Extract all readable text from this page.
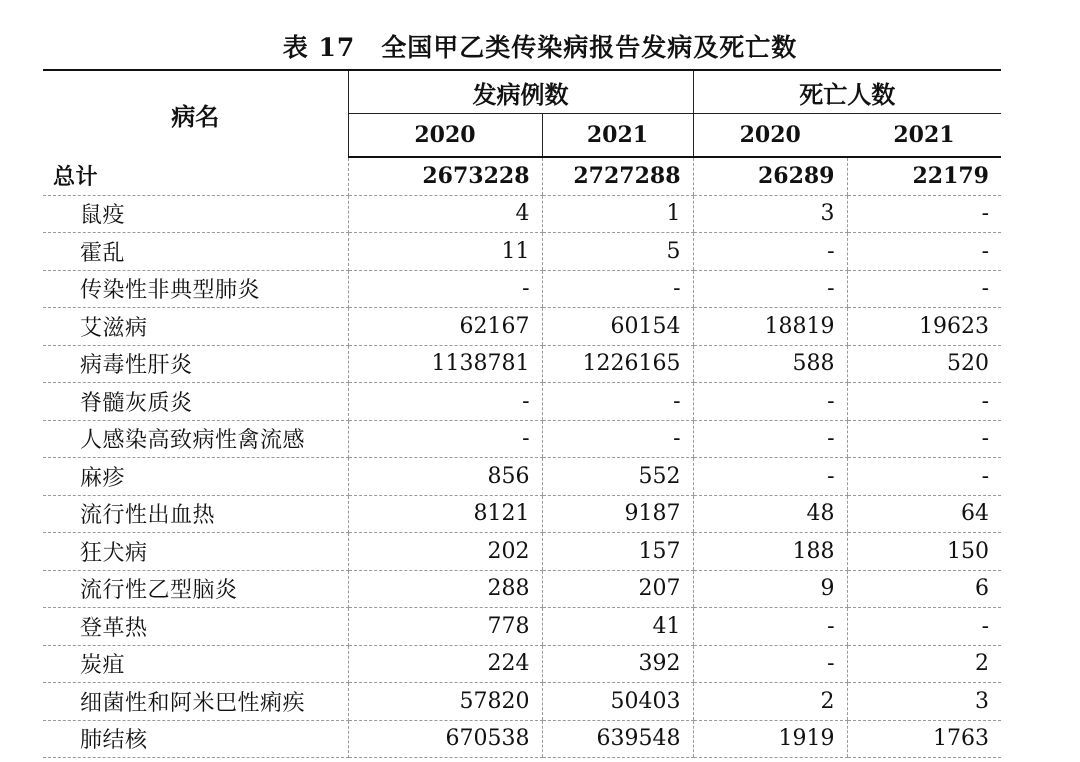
表 17　全国甲乙类传染病报告发病及死亡数
病名	发病例数		死亡人数	
	2020	2021	2020	2021
总计	2673228	2727288	26289	22179
鼠疫	4	1	3	-
霍乱	11	5	-	-
传染性非典型肺炎	-	-	-	-
艾滋病	62167	60154	18819	19623
病毒性肝炎	1138781	1226165	588	520
脊髓灰质炎	-	-	-	-
人感染高致病性禽流感	-	-	-	-
麻疹	856	552	-	-
流行性出血热	8121	9187	48	64
狂犬病	202	157	188	150
流行性乙型脑炎	288	207	9	6
登革热	778	41	-	-
炭疽	224	392	-	2
细菌性和阿米巴性痢疾	57820	50403	2	3
肺结核	670538	639548	1919	1763
